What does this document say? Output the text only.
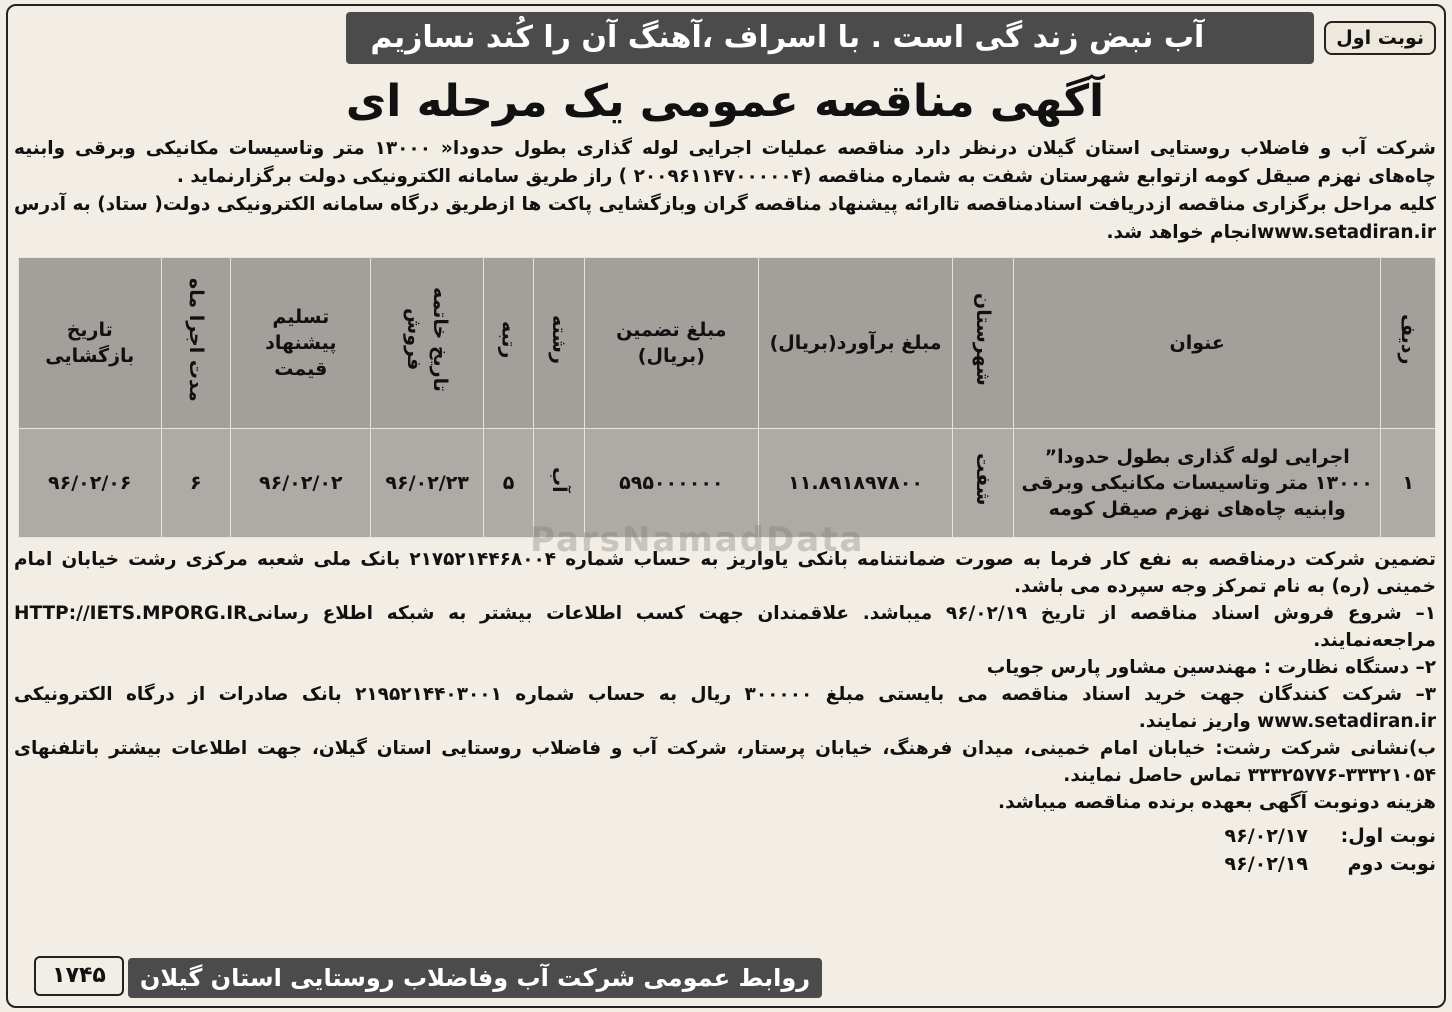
نوبت اول
آب نبض زند گی است . با اسراف ،آهنگ آن را کُند نسازیم
آگهی مناقصه عمومی یک مرحله ای

شرکت آب و فاضلاب روستایی استان گیلان درنظر دارد مناقصه عملیات اجرایی لوله گذاری بطول حدودا« ۱۳۰۰۰ متر وتاسیسات مکانیکی وبرقی وابنیه چاه‌های نهزم صیقل کومه ازتوابع شهرستان شفت به شماره مناقصه (۲۰۰۹۶۱۱۴۷۰۰۰۰۰۴ ) راز طریق سامانه الکترونیکی دولت برگزارنماید .

کلیه مراحل برگزاری مناقصه ازدریافت اسنادمناقصه تاارائه پیشنهاد مناقصه گران وبازگشایی پاکت ها ازطریق درگاه سامانه الکترونیکی دولت( ستاد) به آدرس www.setadiran.irانجام خواهد شد.

ردیف	عنوان	شهرستان	مبلغ برآورد(بریال)	مبلغ تضمین (بریال)	رشته	رتبه	تاریخ خاتمه فروش	تسلیم پیشنهاد قیمت	مدت اجرا ماه	تاریخ بازگشایی
۱	اجرایی لوله گذاری بطول حدودا” ۱۳۰۰۰ متر وتاسیسات مکانیکی وبرقی وابنیه چاه‌های نهزم صیقل کومه	شفت	۱۱.۸۹۱۸۹۷۸۰۰	۵۹۵۰۰۰۰۰۰	آب	۵	۹۶/۰۲/۲۳	۹۶/۰۲/۰۲	۶	۹۶/۰۲/۰۶
ParsNamadData

تضمین شرکت درمناقصه به نفع کار فرما به صورت ضمانتنامه بانکی یاواریز به حساب شماره ۲۱۷۵۲۱۴۴۶۸۰۰۴ بانک ملی شعبه مرکزی رشت خیابان امام خمینی (ره) به نام تمرکز وجه سپرده می باشد.

۱– شروع فروش اسناد مناقصه از تاریخ ۹۶/۰۲/۱۹ میباشد. علاقمندان جهت کسب اطلاعات بیشتر به شبکه اطلاع رسانیHTTP://IETS.MPORG.IR مراجعه‌نمایند.

۲– دستگاه نظارت : مهندسین مشاور پارس جویاب

۳– شرکت کنندگان جهت خرید اسناد مناقصه می بایستی مبلغ ۳۰۰۰۰۰ ریال به حساب شماره ۲۱۹۵۲۱۴۴۰۳۰۰۱ بانک صادرات از درگاه الکترونیکی www.setadiran.ir واریز نمایند.

ب)نشانی شرکت رشت: خیابان امام خمینی، میدان فرهنگ، خیابان پرستار، شرکت آب و فاضلاب روستایی استان گیلان، جهت اطلاعات بیشتر باتلفنهای ۳۳۳۲۱۰۵۴-۳۳۳۲۵۷۷۶ تماس حاصل نمایند.

هزینه دونوبت آگهی بعهده برنده مناقصه میباشد.

نوبت اول:
۹۶/۰۲/۱۷
نوبت دوم
۹۶/۰۲/۱۹
روابط عمومی شرکت آب وفاضلاب روستایی استان گیلان
۱۷۴۵
